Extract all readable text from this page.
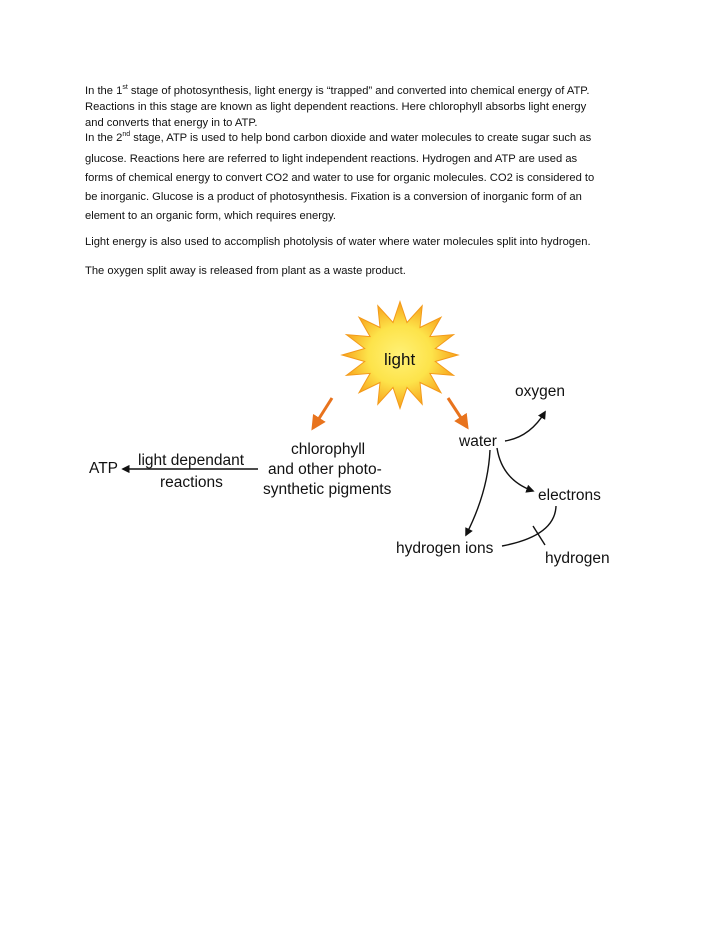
In the 1st stage of photosynthesis, light energy is “trapped” and converted into chemical energy of ATP.

Reactions in this stage are known as light dependent reactions. Here chlorophyll absorbs light energy

and converts that energy in to ATP.

In the 2nd stage, ATP is used to help bond carbon dioxide and water molecules to create sugar such as

glucose. Reactions here are referred to light independent reactions. Hydrogen and ATP are used as

forms of chemical energy to convert CO2 and water to use for organic molecules. CO2 is considered to

be inorganic. Glucose is a product of photosynthesis. Fixation is a conversion of inorganic form of an

element to an organic form, which requires energy.

Light energy is also used to accomplish photolysis of water where water molecules split into hydrogen.

The oxygen split away is released from plant as a waste product.

light
oxygen
water
chlorophyll
and other photo-
synthetic pigments
ATP light dependant
reactions
electrons
hydrogen ions
hydrogen
